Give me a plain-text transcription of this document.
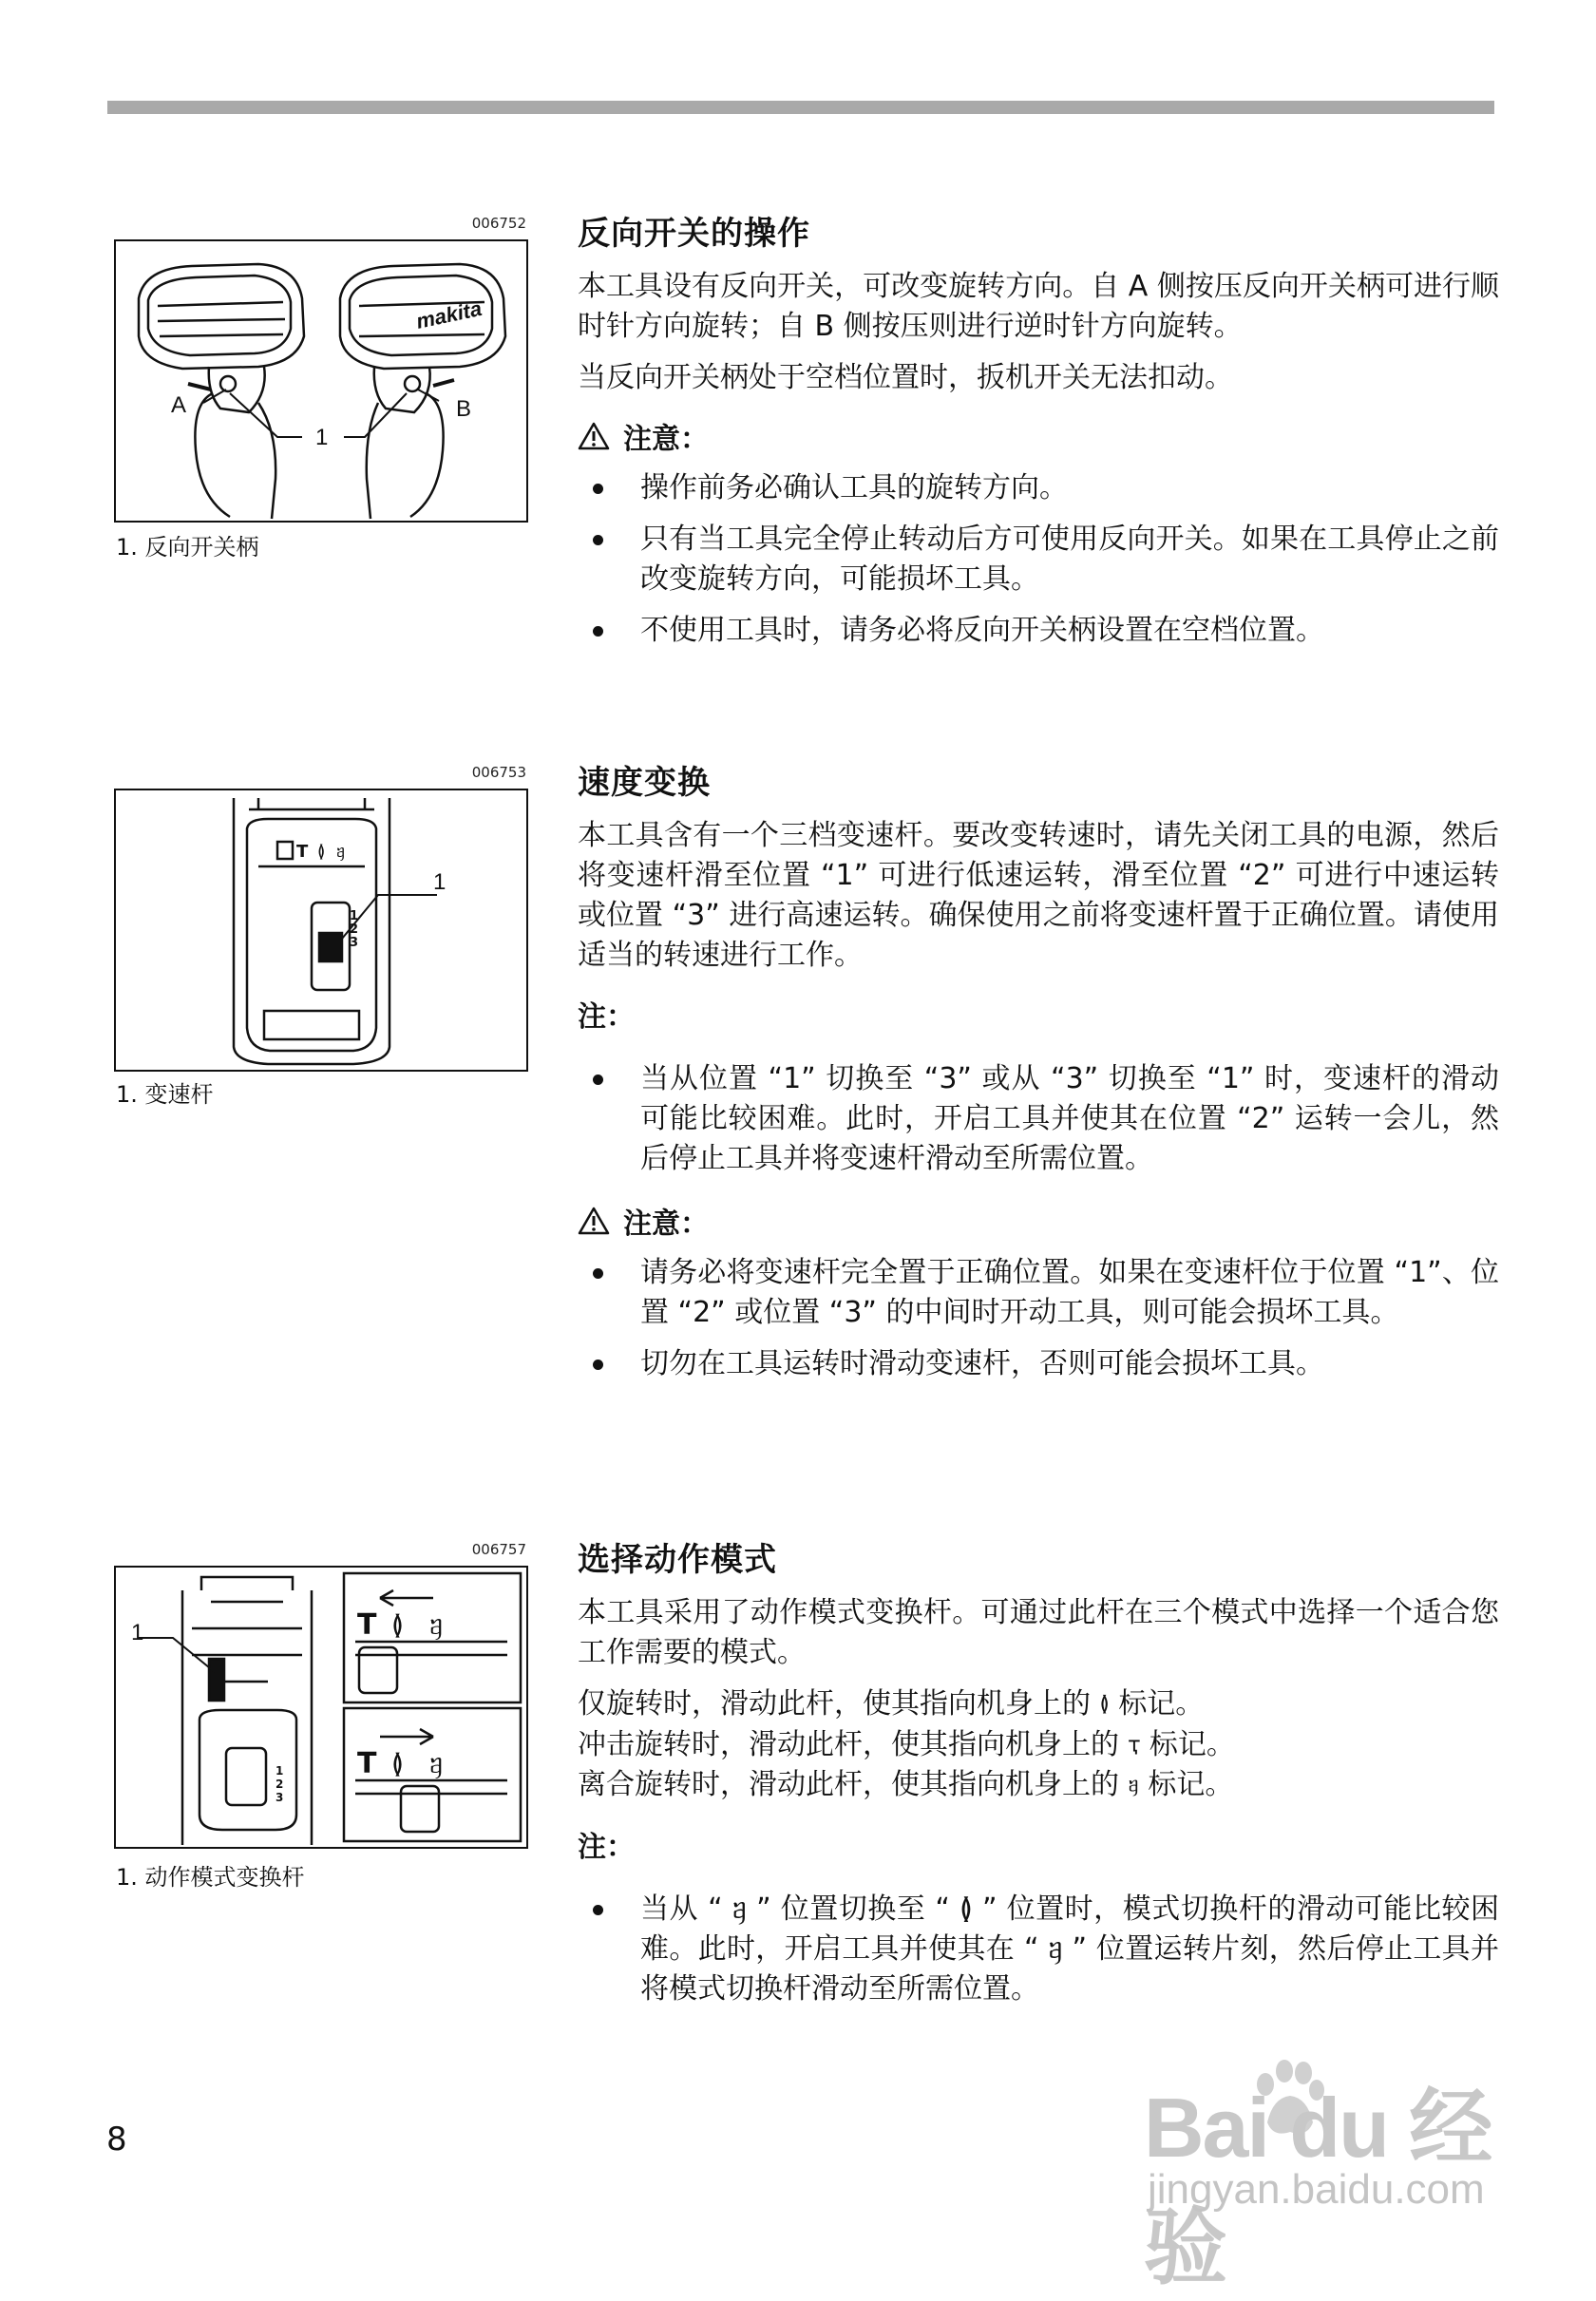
006752
makita
A	B
1
1. 反向开关柄
006753
T ≬ ᥠ
1
2
3
1
1. 变速杆
006757
1
2
3
1	T ≬ ᥠ
T ≬ ᥠ
1. 动作模式变换杆
反向开关的操作
本工具设有反向开关，可改变旋转方向。自 A 侧按压反向开关柄可进行顺时针方向旋转；自 B 侧按压则进行逆时针方向旋转。
当反向开关柄处于空档位置时，扳机开关无法扣动。
注意：
操作前务必确认工具的旋转方向。
只有当工具完全停止转动后方可使用反向开关。如果在工具停止之前改变旋转方向，可能损坏工具。
不使用工具时，请务必将反向开关柄设置在空档位置。
速度变换
本工具含有一个三档变速杆。要改变转速时，请先关闭工具的电源，然后将变速杆滑至位置 “1” 可进行低速运转，滑至位置 “2” 可进行中速运转或位置 “3” 进行高速运转。确保使用之前将变速杆置于正确位置。请使用适当的转速进行工作。
注：
当从位置 “1” 切换至 “3” 或从 “3” 切换至 “1” 时，变速杆的滑动可能比较困难。此时，开启工具并使其在位置 “2” 运转一会儿，然后停止工具并将变速杆滑动至所需位置。
注意：
请务必将变速杆完全置于正确位置。如果在变速杆位于位置 “1”、位置 “2” 或位置 “3” 的中间时开动工具，则可能会损坏工具。
切勿在工具运转时滑动变速杆，否则可能会损坏工具。
选择动作模式
本工具采用了动作模式变换杆。可通过此杆在三个模式中选择一个适合您工作需要的模式。
仅旋转时，滑动此杆，使其指向机身上的 ≬ 标记。
冲击旋转时，滑动此杆，使其指向机身上的 ҭ 标记。
离合旋转时，滑动此杆，使其指向机身上的 ᥠ 标记。
注：
当从 “ ᥠ ” 位置切换至 “ ≬ ” 位置时，模式切换杆的滑动可能比较困难。此时，开启工具并使其在 “ ᥠ ” 位置运转片刻，然后停止工具并将模式切换杆滑动至所需位置。
8	Bai du 经验
jingyan.baidu.com
